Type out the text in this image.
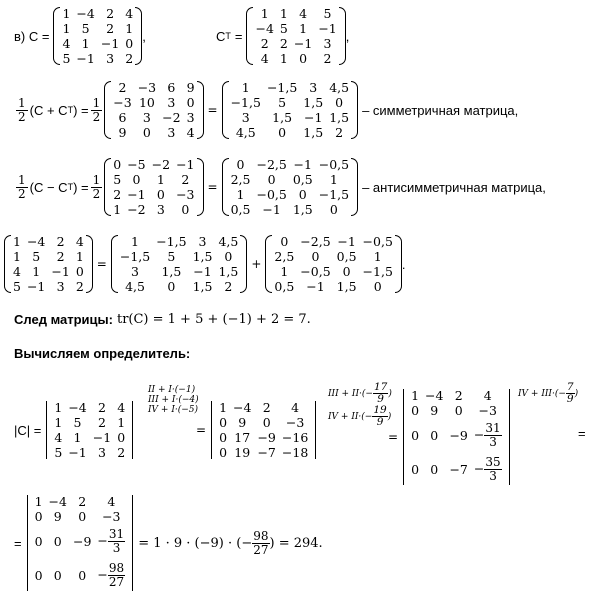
в) C =
1	−4	2	4
1	5	2	1
4	1	−1	0
5	−1	3	2
,	C T =
1	1	4	5
−4	5	1	−1
2	2	−1	3
4	1	0	2
,
1
2 (C + C T ) = $\frac{1}{2}$
2	−3	6	9
−3	10	3	0
6	3	−2	3
9	0	3	4
=
1	−1,5	3	4,5
−1,5	5	1,5	0
3	1,5	−1	1,5
4,5	0	1,5	2
– симметричная матрица,
1
2 (C − C T ) = $\frac{1}{2}$
0	−5	−2	−1
5	0	1	2
2	−1	0	−3
1	−2	3	0
=
0	−2,5	−1	−0,5
2,5	0	0,5	1
1	−0,5	0	−1,5
0,5	−1	1,5	0
– антисимметричная матрица,
1	−4	2	4
1	5	2	1
4	1	−1	0
5	−1	3	2
=
1	−1,5	3	4,5
−1,5	5	1,5	0
3	1,5	−1	1,5
4,5	0	1,5	2
+
0	−2,5	−1	−0,5
2,5	0	0,5	1
1	−0,5	0	−1,5
0,5	−1	1,5	0
.
След матрицы: tr(C) = 1 + 5 + (−1) + 2 = 7.
Вычисляем определитель:
|C| =
1	−4	2	4
1	5	2	1
4	1	−1	0
5	−1	3	2
II + I·(−1)
III + I·(−4)
IV + I·(−5)
=
1	−4	2	4
0	9	0	−3
0	17	−9	−16
0	19	−7	−18
III + $II\cdot(- \frac{17}{9}$ )
IV + $II\cdot(- \frac{19}{9}$ )
=
1	−4	2	4
0	9	0	−3
0	0	−9	− $\frac{31}{3}$

0	0	−7	− $\frac{35}{3}$
IV + $III\cdot(- \frac{7}{9}$ )
=
=
1	−4	2	4
0	9	0	−3
0	0	−9	− $\frac{31}{3}$

0	0	0	− $\frac{98}{27}$
= 1 · 9 · (−9) · (− $\frac{98}{27}$ ) = 294.
